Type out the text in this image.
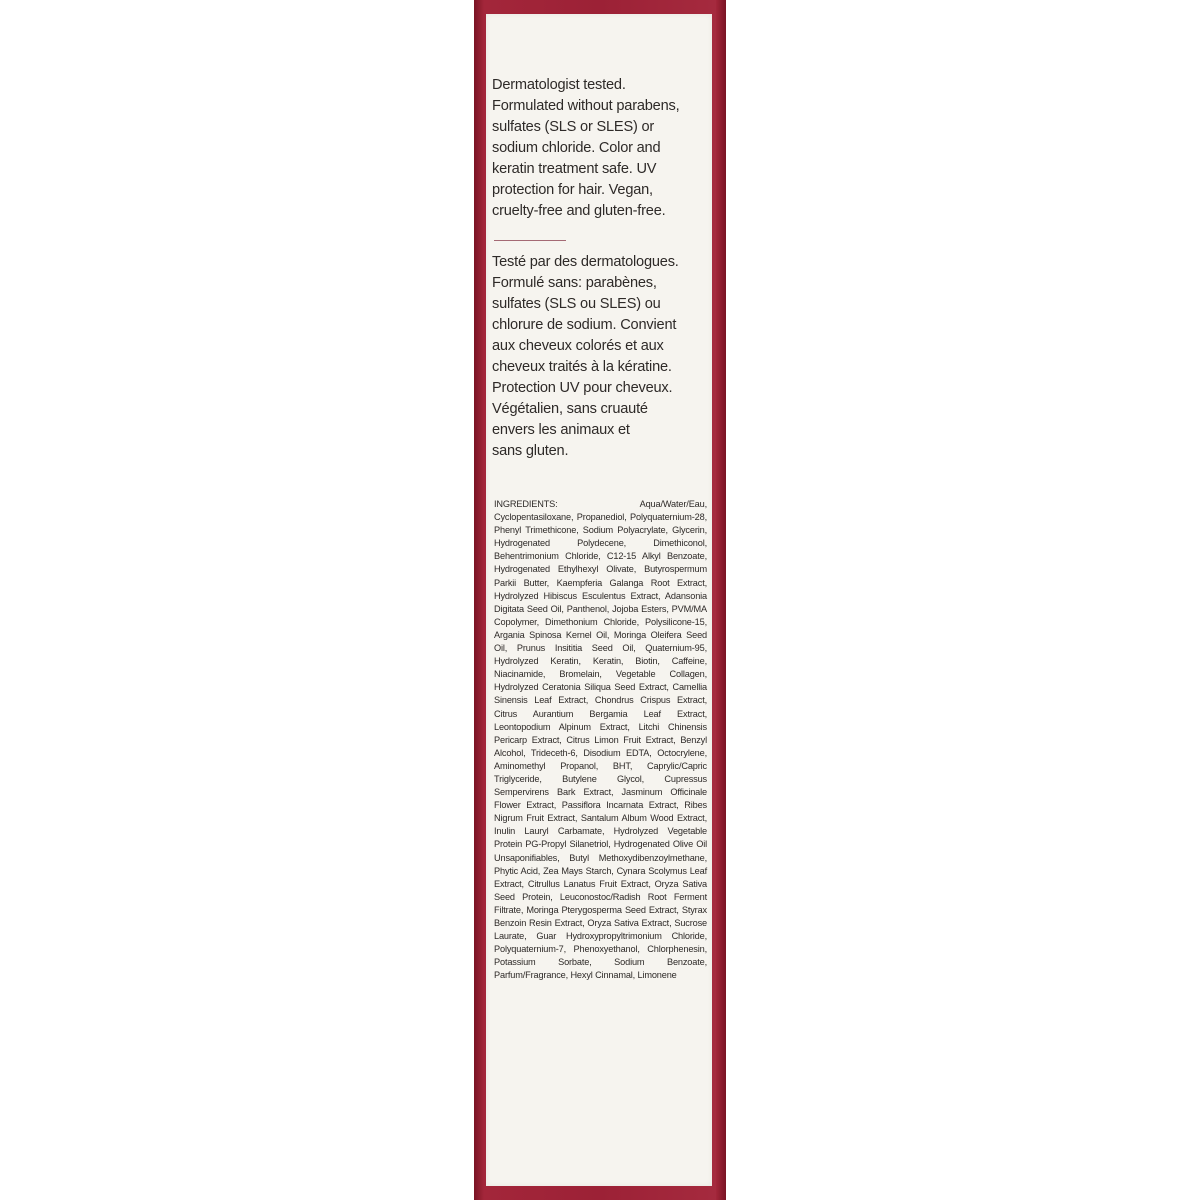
Dermatologist tested.
Formulated without parabens,
sulfates (SLS or SLES) or
sodium chloride. Color and
keratin treatment safe. UV
protection for hair. Vegan,
cruelty-free and gluten-free.

Testé par des dermatologues.
Formulé sans: parabènes,
sulfates (SLS ou SLES) ou
chlorure de sodium. Convient
aux cheveux colorés et aux
cheveux traités à la kératine.
Protection UV pour cheveux.
Végétalien, sans cruauté
envers les animaux et
sans gluten.

INGREDIENTS: Aqua/Water/Eau, Cyclopentasiloxane, Propanediol, Polyquaternium-28, Phenyl Trimethicone, Sodium Polyacrylate, Glycerin, Hydrogenated Polydecene, Dimethiconol, Behentrimonium Chloride, C12-15 Alkyl Benzoate, Hydrogenated Ethylhexyl Olivate, Butyrospermum Parkii Butter, Kaempferia Galanga Root Extract, Hydrolyzed Hibiscus Esculentus Extract, Adansonia Digitata Seed Oil, Panthenol, Jojoba Esters, PVM/MA Copolymer, Dimethonium Chloride, Polysilicone-15, Argania Spinosa Kernel Oil, Moringa Oleifera Seed Oil, Prunus Insititia Seed Oil, Quaternium-95, Hydrolyzed Keratin, Keratin, Biotin, Caffeine, Niacinamide, Bromelain, Vegetable Collagen, Hydrolyzed Ceratonia Siliqua Seed Extract, Camellia Sinensis Leaf Extract, Chondrus Crispus Extract, Citrus Aurantium Bergamia Leaf Extract, Leontopodium Alpinum Extract, Litchi Chinensis Pericarp Extract, Citrus Limon Fruit Extract, Benzyl Alcohol, Trideceth-6, Disodium EDTA, Octocrylene, Aminomethyl Propanol, BHT, Caprylic/Capric Triglyceride, Butylene Glycol, Cupressus Sempervirens Bark Extract, Jasminum Officinale Flower Extract, Passiflora Incarnata Extract, Ribes Nigrum Fruit Extract, Santalum Album Wood Extract, Inulin Lauryl Carbamate, Hydrolyzed Vegetable Protein PG-Propyl Silanetriol, Hydrogenated Olive Oil Unsaponifiables, Butyl Methoxydibenzoylmethane, Phytic Acid, Zea Mays Starch, Cynara Scolymus Leaf Extract, Citrullus Lanatus Fruit Extract, Oryza Sativa Seed Protein, Leuconostoc/Radish Root Ferment Filtrate, Moringa Pterygosperma Seed Extract, Styrax Benzoin Resin Extract, Oryza Sativa Extract, Sucrose Laurate, Guar Hydroxypropyltrimonium Chloride, Polyquaternium-7, Phenoxyethanol, Chlorphenesin, Potassium Sorbate, Sodium Benzoate, Parfum/Fragrance, Hexyl Cinnamal, Limonene
